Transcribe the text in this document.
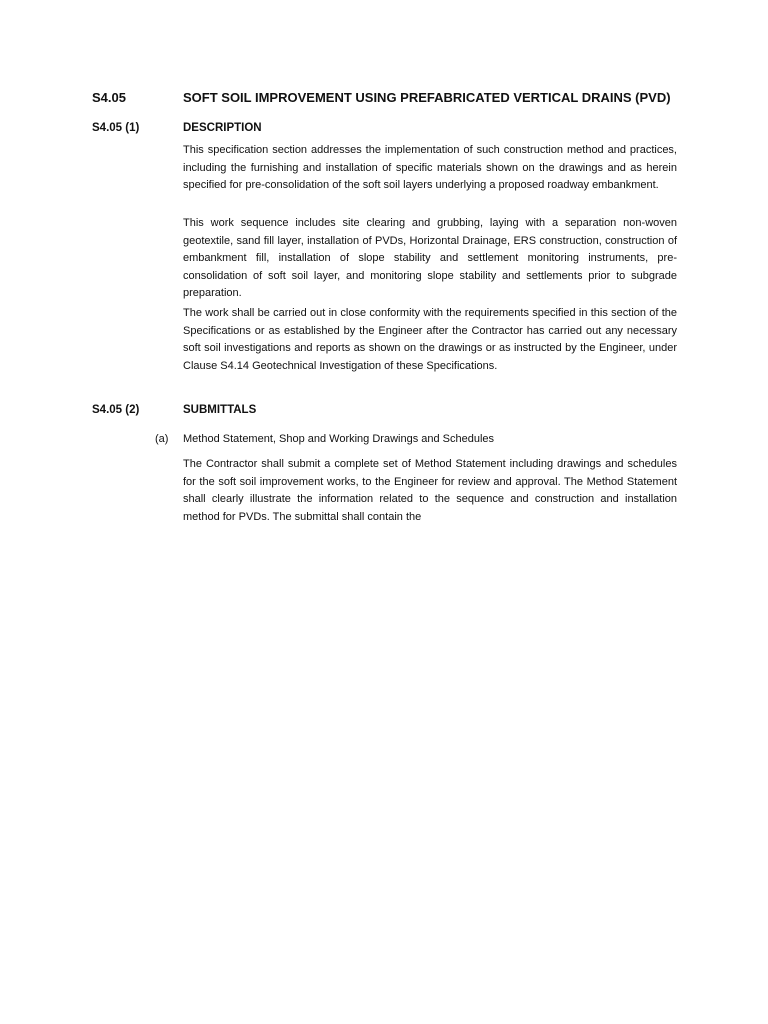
S4.05	SOFT SOIL IMPROVEMENT USING PREFABRICATED VERTICAL DRAINS (PVD)
S4.05 (1)	DESCRIPTION

This specification section addresses the implementation of such construction method and practices, including the furnishing and installation of specific materials shown on the drawings and as herein specified for pre-consolidation of the soft soil layers underlying a proposed roadway embankment.

This work sequence includes site clearing and grubbing, laying with a separation non-woven geotextile, sand fill layer, installation of PVDs, Horizontal Drainage, ERS construction, construction of embankment fill, installation of slope stability and settlement monitoring instruments, pre-consolidation of soft soil layer, and monitoring slope stability and settlements prior to subgrade preparation.

The work shall be carried out in close conformity with the requirements specified in this section of the Specifications or as established by the Engineer after the Contractor has carried out any necessary soft soil investigations and reports as shown on the drawings or as instructed by the Engineer, under Clause S4.14 Geotechnical Investigation of these Specifications.

S4.05 (2)	SUBMITTALS
(a) Method Statement, Shop and Working Drawings and Schedules

The Contractor shall submit a complete set of Method Statement including drawings and schedules for the soft soil improvement works, to the Engineer for review and approval. The Method Statement shall clearly illustrate the information related to the sequence and construction and installation method for PVDs. The submittal shall contain the
